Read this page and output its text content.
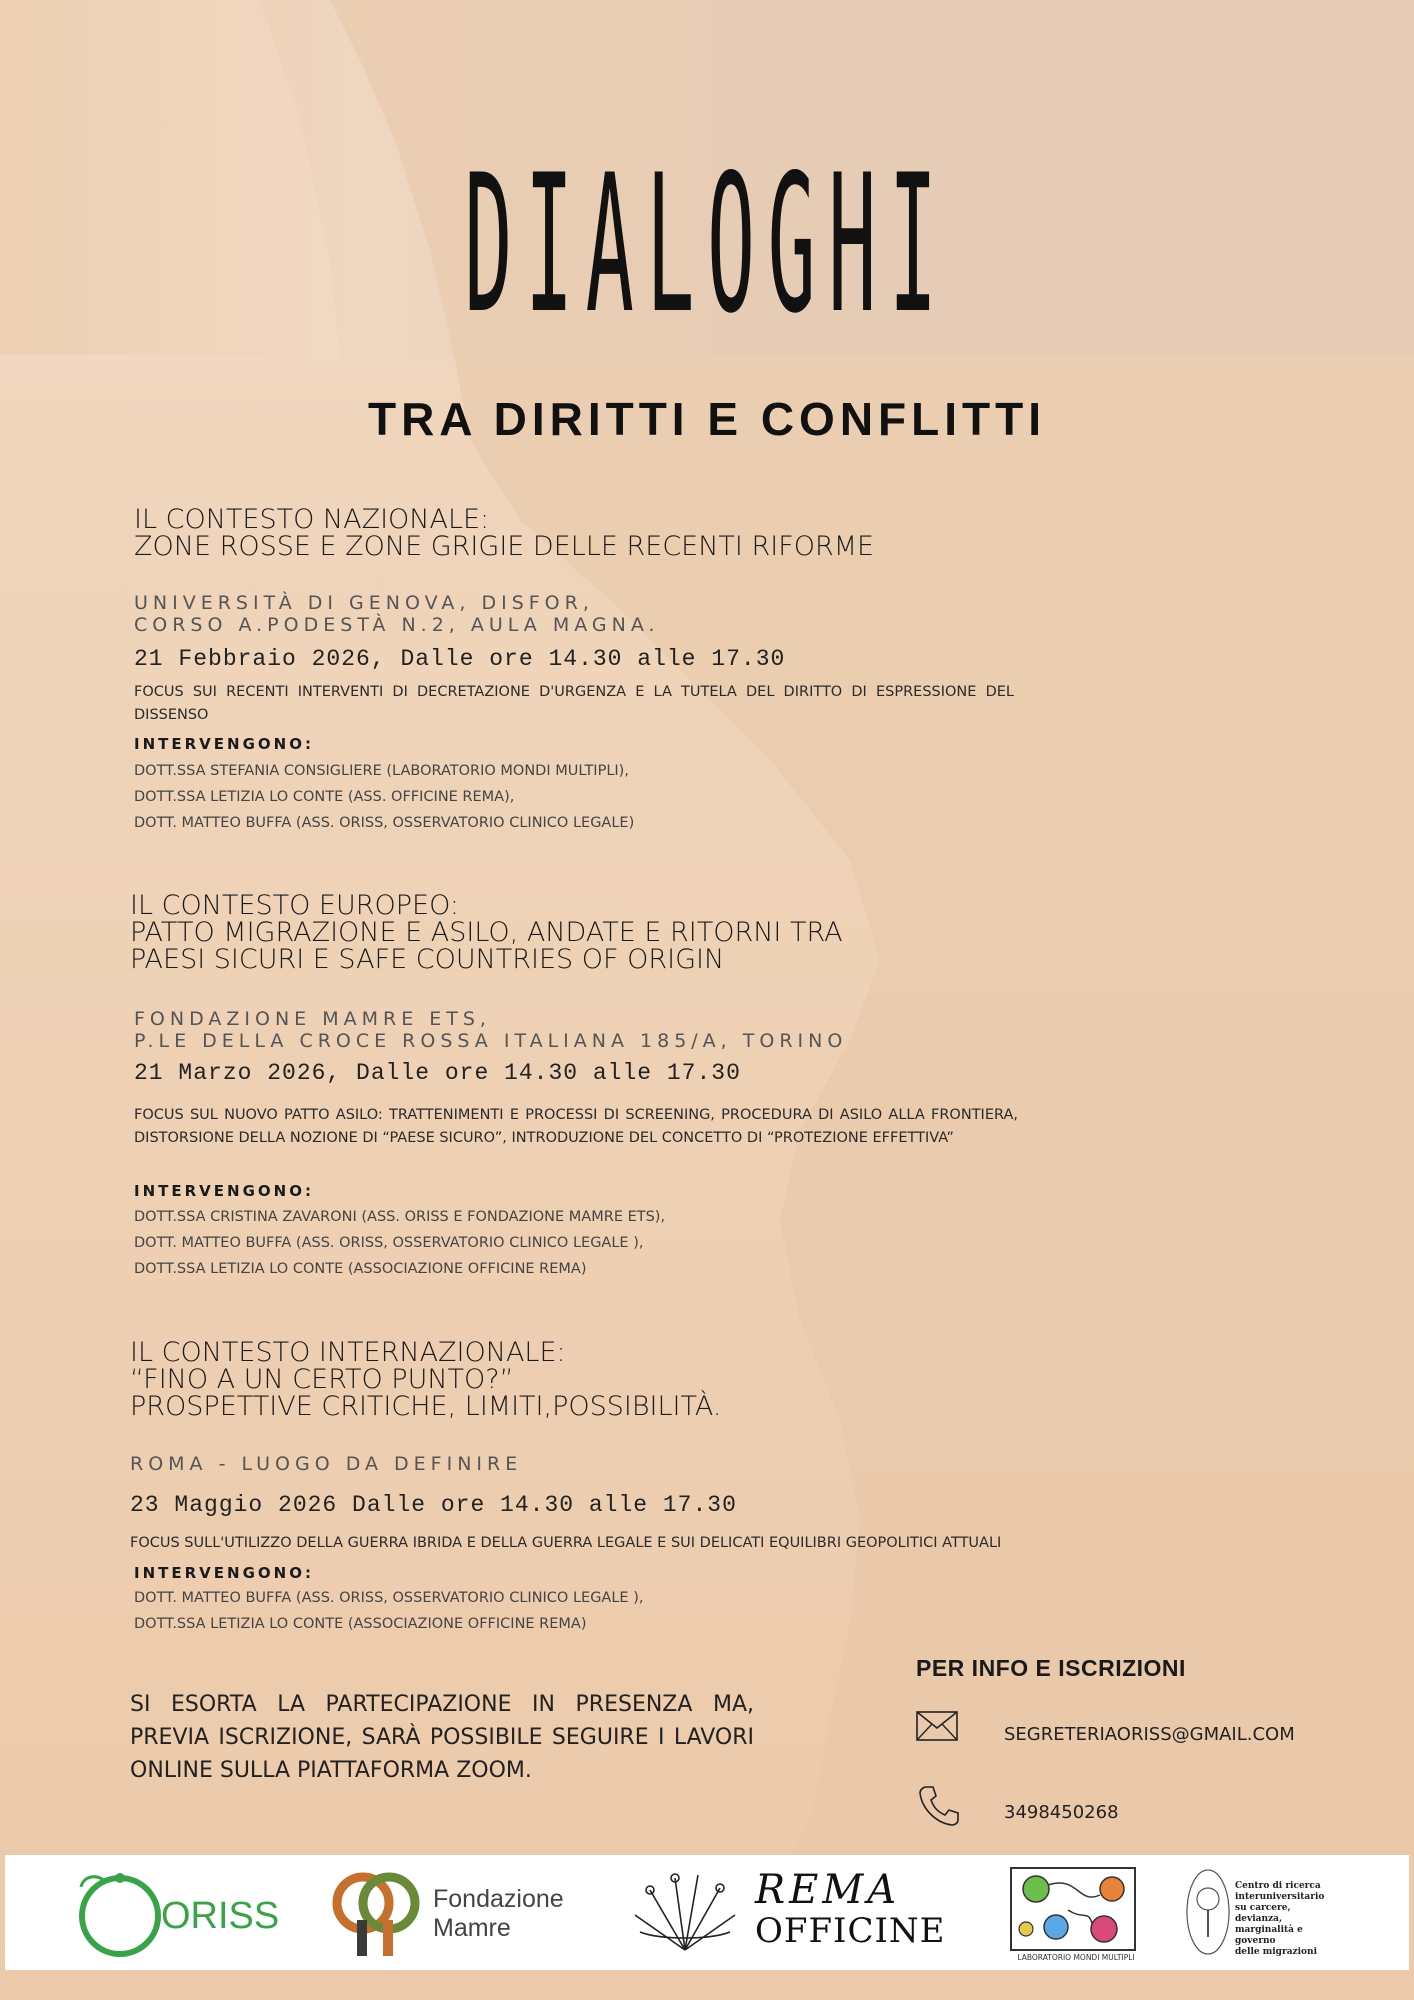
DIALOGHI
TRA DIRITTI E CONFLITTI
IL CONTESTO NAZIONALE:
ZONE ROSSE E ZONE GRIGIE DELLE RECENTI RIFORME
UNIVERSITÀ DI GENOVA, DISFOR,
CORSO A.PODESTÀ N.2, AULA MAGNA.
21 Febbraio 2026, Dalle ore 14.30 alle 17.30
FOCUS SUI RECENTI INTERVENTI DI DECRETAZIONE D'URGENZA E LA TUTELA DEL DIRITTO DI ESPRESSIONE DEL DISSENSO
INTERVENGONO:
DOTT.SSA STEFANIA CONSIGLIERE (LABORATORIO MONDI MULTIPLI),
DOTT.SSA LETIZIA LO CONTE (ASS. OFFICINE REMA),
DOTT. MATTEO BUFFA (ASS. ORISS, OSSERVATORIO CLINICO LEGALE)
IL CONTESTO EUROPEO:
PATTO MIGRAZIONE E ASILO, ANDATE E RITORNI TRA
PAESI SICURI E SAFE COUNTRIES OF ORIGIN
FONDAZIONE MAMRE ETS,
P.LE DELLA CROCE ROSSA ITALIANA 185/A, TORINO
21 Marzo 2026, Dalle ore 14.30 alle 17.30
FOCUS SUL NUOVO PATTO ASILO: TRATTENIMENTI E PROCESSI DI SCREENING, PROCEDURA DI ASILO ALLA FRONTIERA, DISTORSIONE DELLA NOZIONE DI “PAESE SICURO”, INTRODUZIONE DEL CONCETTO DI “PROTEZIONE EFFETTIVA”
INTERVENGONO:
DOTT.SSA CRISTINA ZAVARONI (ASS. ORISS E FONDAZIONE MAMRE ETS),
DOTT. MATTEO BUFFA (ASS. ORISS, OSSERVATORIO CLINICO LEGALE ),
DOTT.SSA LETIZIA LO CONTE (ASSOCIAZIONE OFFICINE REMA)
IL CONTESTO INTERNAZIONALE:
“FINO A UN CERTO PUNTO?”
PROSPETTIVE CRITICHE, LIMITI,POSSIBILITÀ.
ROMA - LUOGO DA DEFINIRE
23 Maggio 2026 Dalle ore 14.30 alle 17.30
FOCUS SULL'UTILIZZO DELLA GUERRA IBRIDA E DELLA GUERRA LEGALE E SUI DELICATI EQUILIBRI GEOPOLITICI ATTUALI
INTERVENGONO:
DOTT. MATTEO BUFFA (ASS. ORISS, OSSERVATORIO CLINICO LEGALE ),
DOTT.SSA LETIZIA LO CONTE (ASSOCIAZIONE OFFICINE REMA)
SI ESORTA LA PARTECIPAZIONE IN PRESENZA MA, PREVIA ISCRIZIONE, SARÀ POSSIBILE SEGUIRE I LAVORI ONLINE SULLA PIATTAFORMA ZOOM.
PER INFO E ISCRIZIONI
SEGRETERIAORISS@GMAIL.COM
3498450268
ORISS	Fondazione
Mamre
REMA
OFFICINE
LABORATORIO MONDI MULTIPLI
Centro di ricerca
interuniversitario
su carcere, devianza,
marginalità e governo
delle migrazioni
